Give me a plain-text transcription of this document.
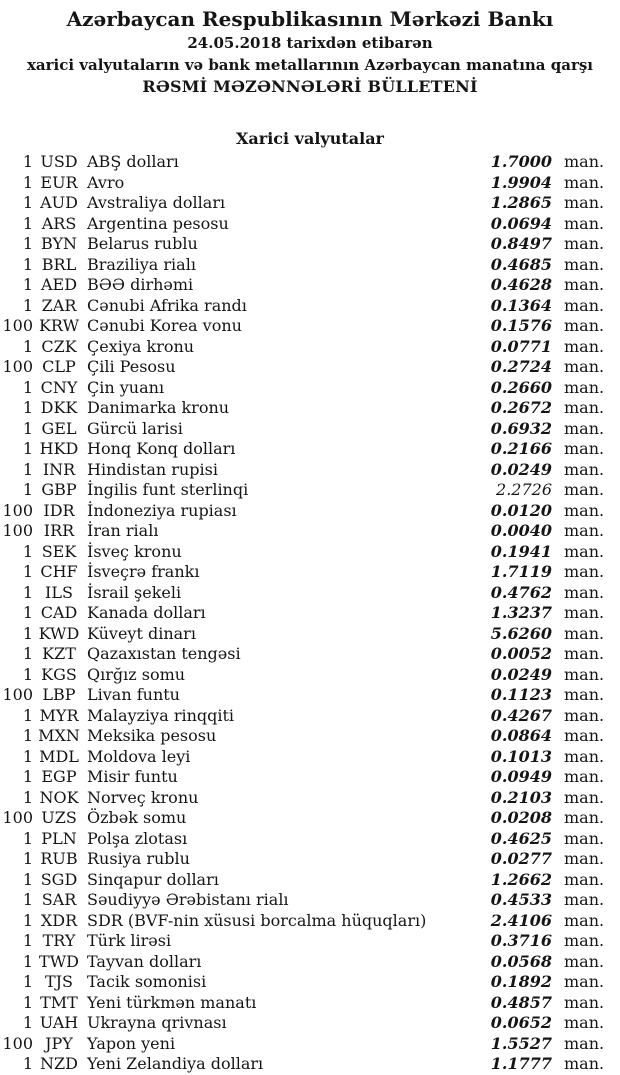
Azərbaycan Respublikasının Mərkəzi Bankı
24.05.2018 tarixdən etibarən
xarici valyutaların və bank metallarının Azərbaycan manatına qarşı
RƏSMİ MƏZƏNNƏLƏRİ BÜLLETENİ
Xarici valyutalar
1 USD ABŞ dolları	1.7000 man.
1 EUR Avro	1.9904 man.
1 AUD Avstraliya dolları	1.2865 man.
1 ARS Argentina pesosu	0.0694 man.
1 BYN Belarus rublu	0.8497 man.
1 BRL Braziliya rialı	0.4685 man.
1 AED BƏƏ dirhəmi	0.4628 man.
1 ZAR Cənubi Afrika randı	0.1364 man.
100 KRW Cənubi Korea vonu	0.1576 man.
1 CZK Çexiya kronu	0.0771 man.
100 CLP Çili Pesosu	0.2724 man.
1 CNY Çin yuanı	0.2660 man.
1 DKK Danimarka kronu	0.2672 man.
1 GEL Gürcü larisi	0.6932 man.
1 HKD Honq Konq dolları	0.2166 man.
1 INR Hindistan rupisi	0.0249 man.
1 GBP İngilis funt sterlinqi	2.2726 man.
100 IDR İndoneziya rupiası	0.0120 man.
100 IRR İran rialı	0.0040 man.
1 SEK İsveç kronu	0.1941 man.
1 CHF İsveçrə frankı	1.7119 man.
1 ILS İsrail şekeli	0.4762 man.
1 CAD Kanada dolları	1.3237 man.
1 KWD Küveyt dinarı	5.6260 man.
1 KZT Qazaxıstan tengəsi	0.0052 man.
1 KGS Qırğız somu	0.0249 man.
100 LBP Livan funtu	0.1123 man.
1 MYR Malayziya rinqqiti	0.4267 man.
1 MXN Meksika pesosu	0.0864 man.
1 MDL Moldova leyi	0.1013 man.
1 EGP Misir funtu	0.0949 man.
1 NOK Norveç kronu	0.2103 man.
100 UZS Özbək somu	0.0208 man.
1 PLN Polşa zlotası	0.4625 man.
1 RUB Rusiya rublu	0.0277 man.
1 SGD Sinqapur dolları	1.2662 man.
1 SAR Səudiyyə Ərəbistanı rialı	0.4533 man.
1 XDR SDR (BVF-nin xüsusi borcalma hüquqları)	2.4106 man.
1 TRY Türk lirəsi	0.3716 man.
1 TWD Tayvan dolları	0.0568 man.
1 TJS Tacik somonisi	0.1892 man.
1 TMT Yeni türkmən manatı	0.4857 man.
1 UAH Ukrayna qrivnası	0.0652 man.
100 JPY Yapon yeni	1.5527 man.
1 NZD Yeni Zelandiya dolları	1.1777 man.
